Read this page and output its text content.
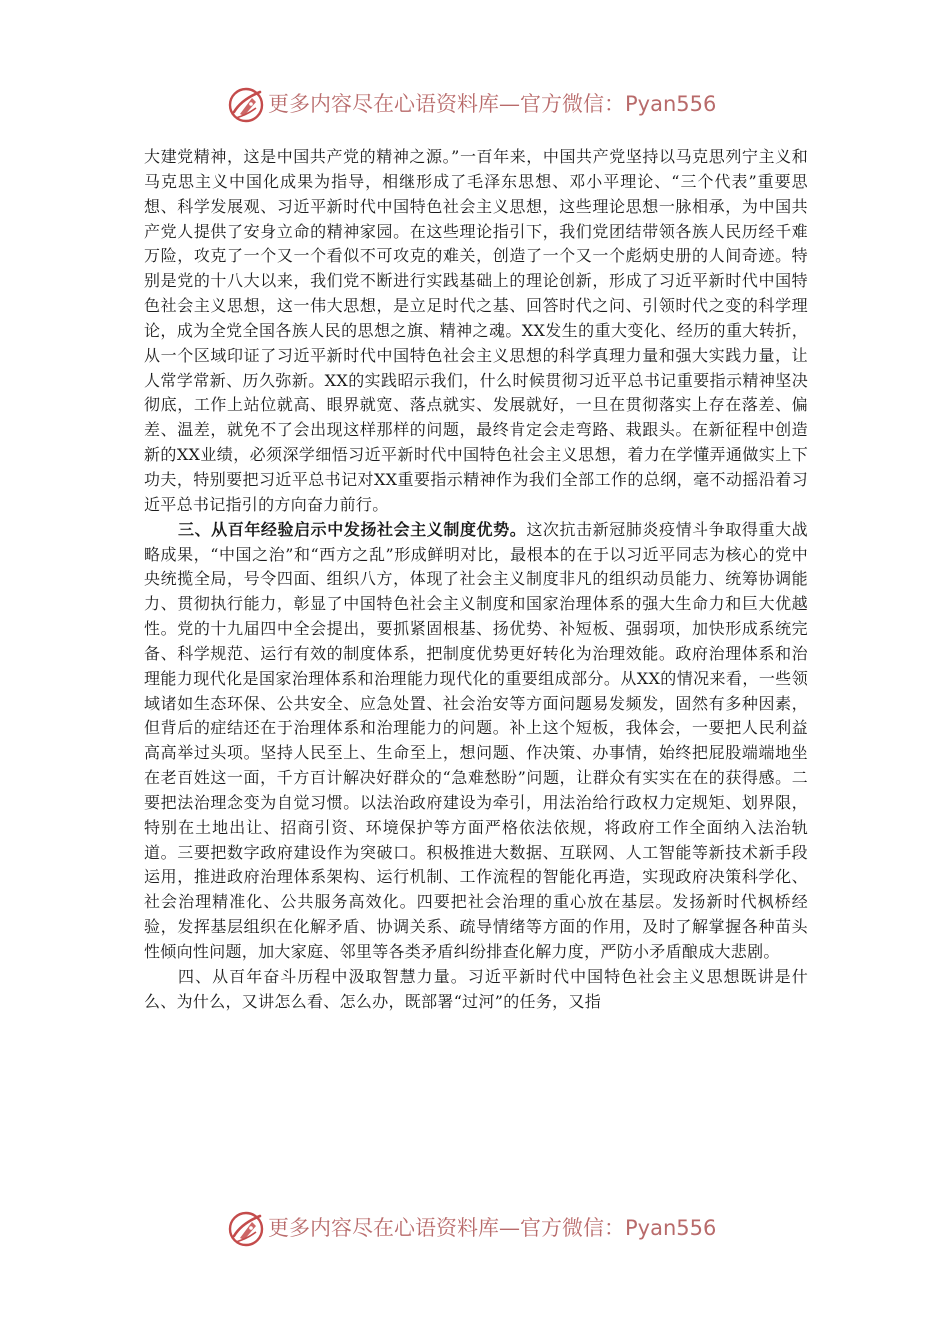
更多内容尽在心语资料库—官方微信：Pyan556

大建党精神，这是中国共产党的精神之源。”一百年来，中国共产党坚持以马克思列宁主义和马克思主义中国化成果为指导，相继形成了毛泽东思想、邓小平理论、“三个代表”重要思想、科学发展观、习近平新时代中国特色社会主义思想，这些理论思想一脉相承，为中国共产党人提供了安身立命的精神家园。在这些理论指引下，我们党团结带领各族人民历经千难万险，攻克了一个又一个看似不可攻克的难关，创造了一个又一个彪炳史册的人间奇迹。特别是党的十八大以来，我们党不断进行实践基础上的理论创新，形成了习近平新时代中国特色社会主义思想，这一伟大思想，是立足时代之基、回答时代之问、引领时代之变的科学理论，成为全党全国各族人民的思想之旗、精神之魂。XX发生的重大变化、经历的重大转折，从一个区域印证了习近平新时代中国特色社会主义思想的科学真理力量和强大实践力量，让人常学常新、历久弥新。XX的实践昭示我们，什么时候贯彻习近平总书记重要指示精神坚决彻底，工作上站位就高、眼界就宽、落点就实、发展就好，一旦在贯彻落实上存在落差、偏差、温差，就免不了会出现这样那样的问题，最终肯定会走弯路、栽跟头。在新征程中创造新的XX业绩，必须深学细悟习近平新时代中国特色社会主义思想，着力在学懂弄通做实上下功夫，特别要把习近平总书记对XX重要指示精神作为我们全部工作的总纲，毫不动摇沿着习近平总书记指引的方向奋力前行。

三、从百年经验启示中发扬社会主义制度优势。这次抗击新冠肺炎疫情斗争取得重大战略成果，“中国之治”和“西方之乱”形成鲜明对比，最根本的在于以习近平同志为核心的党中央统揽全局，号令四面、组织八方，体现了社会主义制度非凡的组织动员能力、统筹协调能力、贯彻执行能力，彰显了中国特色社会主义制度和国家治理体系的强大生命力和巨大优越性。党的十九届四中全会提出，要抓紧固根基、扬优势、补短板、强弱项，加快形成系统完备、科学规范、运行有效的制度体系，把制度优势更好转化为治理效能。政府治理体系和治理能力现代化是国家治理体系和治理能力现代化的重要组成部分。从XX的情况来看，一些领域诸如生态环保、公共安全、应急处置、社会治安等方面问题易发频发，固然有多种因素，但背后的症结还在于治理体系和治理能力的问题。补上这个短板，我体会，一要把人民利益高高举过头项。坚持人民至上、生命至上，想问题、作决策、办事情，始终把屁股端端地坐在老百姓这一面，千方百计解决好群众的“急难愁盼”问题，让群众有实实在在的获得感。二要把法治理念变为自觉习惯。以法治政府建设为牵引，用法治给行政权力定规矩、划界限，特别在土地出让、招商引资、环境保护等方面严格依法依规，将政府工作全面纳入法治轨道。三要把数字政府建设作为突破口。积极推进大数据、互联网、人工智能等新技术新手段运用，推进政府治理体系架构、运行机制、工作流程的智能化再造，实现政府决策科学化、社会治理精准化、公共服务高效化。四要把社会治理的重心放在基层。发扬新时代枫桥经验，发挥基层组织在化解矛盾、协调关系、疏导情绪等方面的作用，及时了解掌握各种苗头性倾向性问题，加大家庭、邻里等各类矛盾纠纷排查化解力度，严防小矛盾酿成大悲剧。

四、从百年奋斗历程中汲取智慧力量。习近平新时代中国特色社会主义思想既讲是什么、为什么，又讲怎么看、怎么办，既部署“过河”的任务，又指

更多内容尽在心语资料库—官方微信：Pyan556
